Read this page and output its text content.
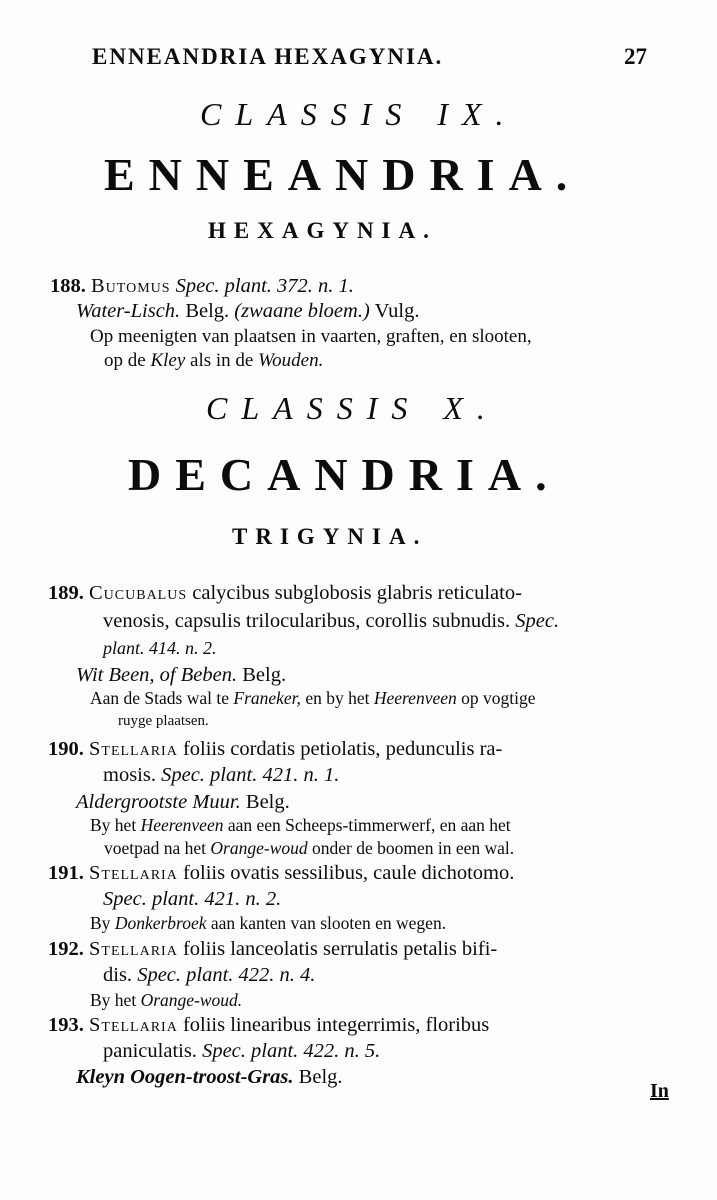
ENNEANDRIA HEXAGYNIA.	27
CLASSIS IX.
ENNEANDRIA.
HEXAGYNIA.
188. Butomus Spec. plant. 372. n. 1.
Water-Lisch. Belg. (zwaane bloem.) Vulg.
Op meenigten van plaatsen in vaarten, graften, en slooten,
op de Kley als in de Wouden.
CLASSIS X.
DECANDRIA.
TRIGYNIA.
189. Cucubalus calycibus subglobosis glabris reticulato-
venosis, capsulis trilocularibus, corollis subnudis. Spec.
plant. 414. n. 2.
Wit Been, of Beben. Belg.
Aan de Stads wal te Franeker, en by het Heerenveen op vogtige
ruyge plaatsen.
190. Stellaria foliis cordatis petiolatis, pedunculis ra-
mosis. Spec. plant. 421. n. 1.
Aldergrootste Muur. Belg.
By het Heerenveen aan een Scheeps-timmerwerf, en aan het
voetpad na het Orange-woud onder de boomen in een wal.
191. Stellaria foliis ovatis sessilibus, caule dichotomo.
Spec. plant. 421. n. 2.
By Donkerbroek aan kanten van slooten en wegen.
192. Stellaria foliis lanceolatis serrulatis petalis bifi-
dis. Spec. plant. 422. n. 4.
By het Orange-woud.
193. Stellaria foliis linearibus integerrimis, floribus
paniculatis. Spec. plant. 422. n. 5.
Kleyn Oogen-troost-Gras. Belg.
In
